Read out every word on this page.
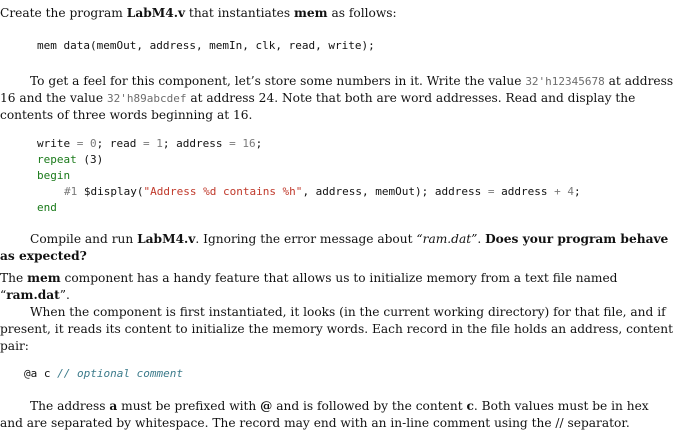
Create the program LabM4.v that instantiates mem as follows:
mem data(memOut, address, memIn, clk, read, write);
To get a feel for this component, let’s store some numbers in it. Write the value 32'h12345678 at address
16 and the value 32'h89abcdef at address 24. Note that both are word addresses. Read and display the
contents of three words beginning at 16.
write = 0; read = 1; address = 16;
repeat (3)
begin
#1 $display("Address %d contains %h", address, memOut); address = address + 4;
end
Compile and run LabM4.v. Ignoring the error message about “ram.dat”. Does your program behave
as expected?
The mem component has a handy feature that allows us to initialize memory from a text file named
“ram.dat”.
When the component is first instantiated, it looks (in the current working directory) for that file, and if
present, it reads its content to initialize the memory words. Each record in the file holds an address, content
pair:
@a c // optional comment
The address a must be prefixed with @ and is followed by the content c. Both values must be in hex
and are separated by whitespace. The record may end with an in-line comment using the // separator.
